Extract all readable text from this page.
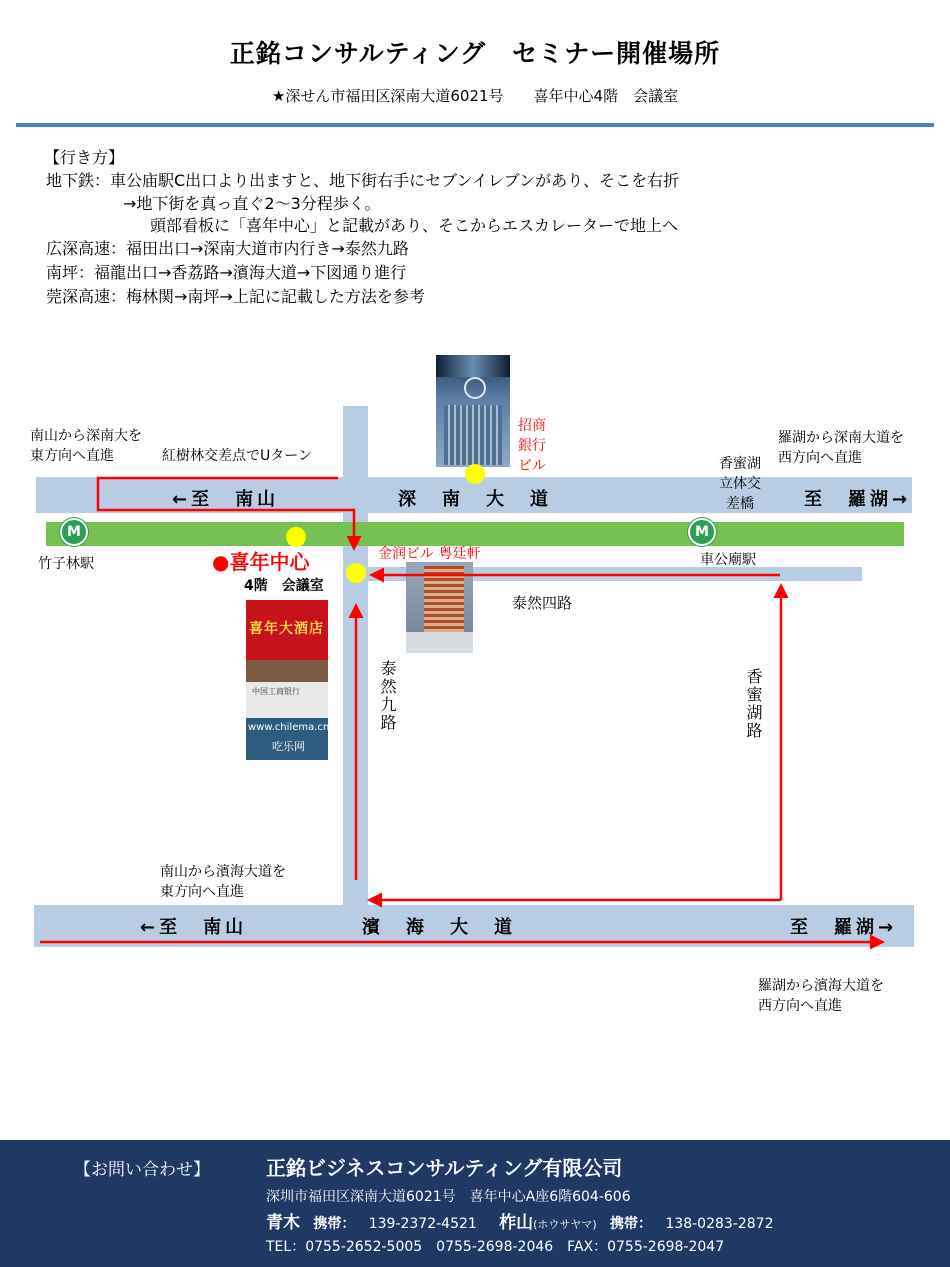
正銘コンサルティング　セミナー開催場所
★深せん市福田区深南大道6021号　　喜年中心4階　会議室
【行き方】
地下鉄：車公庙駅C出口より出ますと、地下街右手にセブンイレブンがあり、そこを右折
→地下街を真っ直ぐ2～3分程歩く。
頭部看板に「喜年中心」と記載があり、そこからエスカレーターで地上へ
広深高速：福田出口→深南大道市内行き→泰然九路
南坪：福龍出口→香荔路→濱海大道→下図通り進行
莞深高速：梅林関→南坪→上記に記載した方法を参考
M	M
喜年大酒店
中国工商银行
www.chilema.cn
吃乐网
南山から深南大を
東方向へ直進	紅樹林交差点でUターン
招商
銀行
ビル
羅湖から深南大道を
西方向へ直進
香蜜湖
立体交
差橋
←至　南山	深　南　大　道	至　羅湖→
竹子林駅	車公廟駅
●喜年中心
4階　会議室
金润ビル 粤廷軒
泰然四路
泰然九路	香蜜湖路
南山から濱海大道を
東方向へ直進
←至　南山	濱　海　大　道	至　羅湖→
羅湖から濱海大道を
西方向へ直進
【お問い合わせ】	正銘ビジネスコンサルティング有限公司
深圳市福田区深南大道6021号　喜年中心A座6階604-606
青木 携帯： 139-2372-4521 柞山(ホウサヤマ) 携帯： 138-0283-2872
TEL：0755-2652-5005　0755-2698-2046　FAX：0755-2698-2047
